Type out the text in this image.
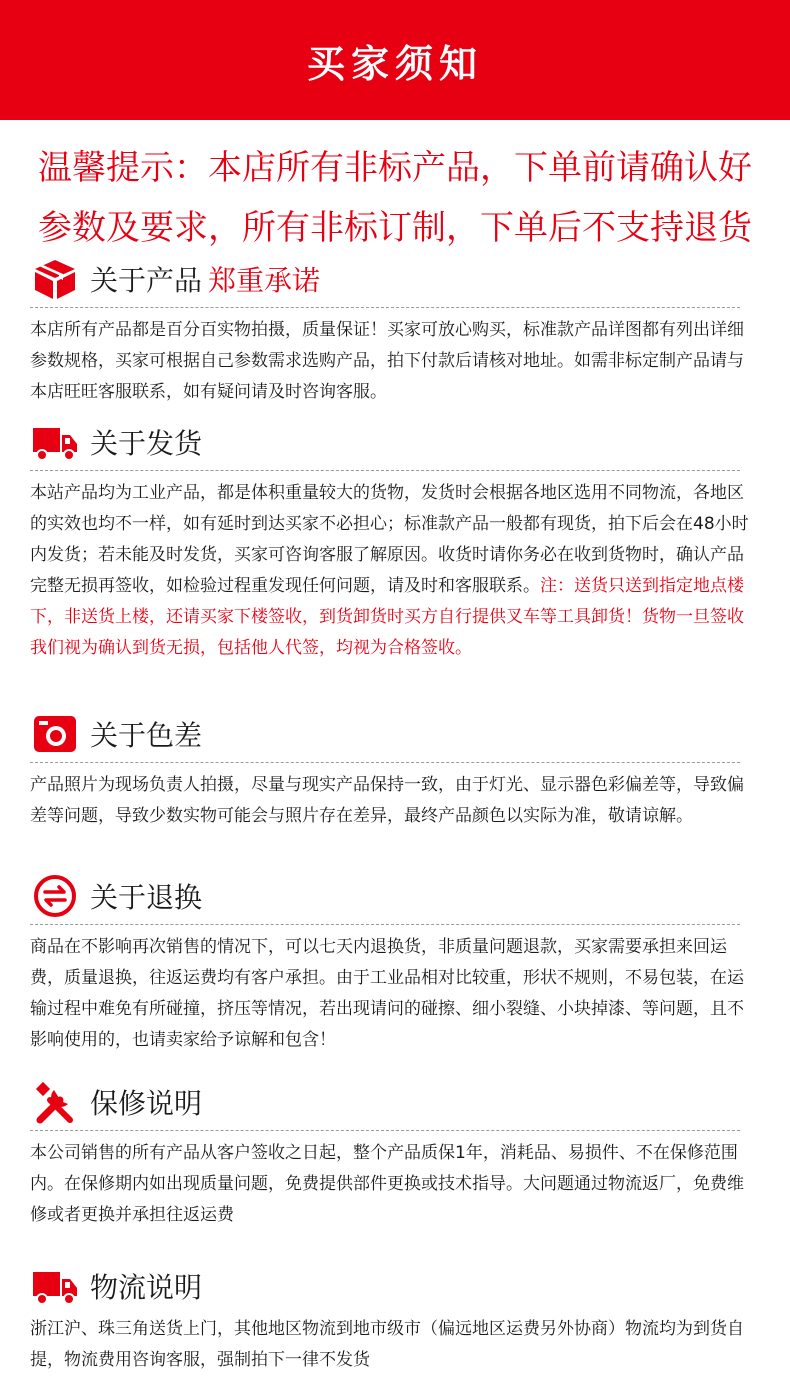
买家须知
温馨提示：本店所有非标产品，下单前请确认好
参数及要求，所有非标订制，下单后不支持退货
关于产品 郑重承诺
本店所有产品都是百分百实物拍摄，质量保证！买家可放心购买，标准款产品详图都有列出详细参数规格，买家可根据自己参数需求选购产品，拍下付款后请核对地址。如需非标定制产品请与本店旺旺客服联系，如有疑问请及时咨询客服。
关于发货
本站产品均为工业产品，都是体积重量较大的货物，发货时会根据各地区选用不同物流，各地区的实效也均不一样，如有延时到达买家不必担心；标准款产品一般都有现货，拍下后会在48小时内发货；若未能及时发货，买家可咨询客服了解原因。收货时请你务必在收到货物时，确认产品完整无损再签收，如检验过程重发现任何问题，请及时和客服联系。注：送货只送到指定地点楼下，非送货上楼，还请买家下楼签收，到货卸货时买方自行提供叉车等工具卸货！货物一旦签收我们视为确认到货无损，包括他人代签，均视为合格签收。
关于色差
产品照片为现场负责人拍摄，尽量与现实产品保持一致，由于灯光、显示器色彩偏差等，导致偏差等问题，导致少数实物可能会与照片存在差异，最终产品颜色以实际为准，敬请谅解。
关于退换
商品在不影响再次销售的情况下，可以七天内退换货，非质量问题退款，买家需要承担来回运费，质量退换，往返运费均有客户承担。由于工业品相对比较重，形状不规则，不易包装，在运输过程中难免有所碰撞，挤压等情况，若出现请问的碰擦、细小裂缝、小块掉漆、等问题，且不影响使用的，也请卖家给予谅解和包含！
保修说明
本公司销售的所有产品从客户签收之日起，整个产品质保1年，消耗品、易损件、不在保修范围内。在保修期内如出现质量问题，免费提供部件更换或技术指导。大问题通过物流返厂，免费维修或者更换并承担往返运费
物流说明
浙江沪、珠三角送货上门，其他地区物流到地市级市（偏远地区运费另外协商）物流均为到货自提，物流费用咨询客服，强制拍下一律不发货
